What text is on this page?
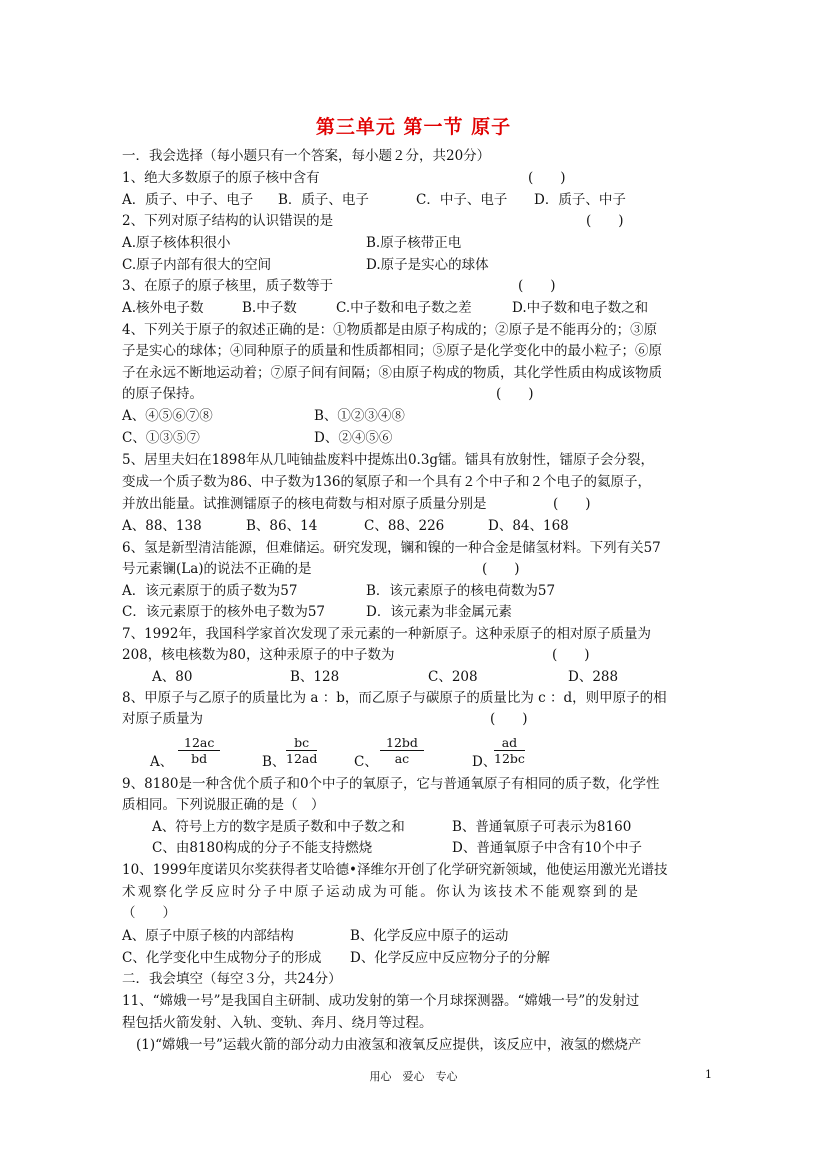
第三单元 第一节 原子
一．我会选择（每小题只有一个答案，每小题２分，共20分）
1、绝大多数原子的原子核中含有	(　　)
A．质子、中子、电子 B．质子、电子	C．中子、电子 D．质子、中子
2、下列对原子结构的认识错误的是	(　　)
A.原子核体积很小	B.原子核带正电
C.原子内部有很大的空间	D.原子是实心的球体
3、在原子的原子核里，质子数等于	(　　)
A.核外电子数	B.中子数	C.中子数和电子数之差	D.中子数和电子数之和
4、下列关于原子的叙述正确的是：①物质都是由原子构成的；②原子是不能再分的；③原
子是实心的球体；④同种原子的质量和性质都相同；⑤原子是化学变化中的最小粒子；⑥原
子在永远不断地运动着；⑦原子间有间隔；⑧由原子构成的物质，其化学性质由构成该物质
的原子保持。	(　　)
A、④⑤⑥⑦⑧	B、①②③④⑧
C、①③⑤⑦	D、②④⑤⑥
5、居里夫妇在1898年从几吨铀盐废料中提炼出0.3g镭。镭具有放射性，镭原子会分裂，
变成一个质子数为86、中子数为136的氡原子和一个具有２个中子和２个电子的氦原子，
并放出能量。试推测镭原子的核电荷数与相对原子质量分别是	(　　)
A、88、138	B、86、14	C、88、226	D、84、168
6、氢是新型清洁能源，但难储运。研究发现，镧和镍的一种合金是储氢材料。下列有关57
号元素镧(La)的说法不正确的是	(　　)
A．该元素原于的质子数为57	B．该元素原子的核电荷数为57
C．该元素原于的核外电子数为57	D．该元素为非金属元素
7、1992年，我国科学家首次发现了汞元素的一种新原子。这种汞原子的相对原子质量为
208，核电核数为80，这种汞原子的中子数为	(　　)
A、80	B、128	C、208	D、288
8、甲原子与乙原子的质量比为 a ：b，而乙原子与碳原子的质量比为 c ：d，则甲原子的相
对原子质量为	(　　)
$\frac{12ac}{bd}$
A、	$\frac{bc}{12ad}$
B、	$\frac{12bd}{ac}$
C、	$\frac{ad}{12bc}$
D、
9、8180是一种含优个质子和0个中子的氧原子，它与普通氧原子有相同的质子数，化学性
质相同。下列说服正确的是（　）
A、符号上方的数字是质子数和中子数之和	B、普通氧原子可表示为8160
C、由8180构成的分子不能支持燃烧	D、普通氧原子中含有10个中子
10、1999年度诺贝尔奖获得者艾哈德•泽维尔开创了化学研究新领域，他使运用激光光谱技
术观察化学反应时分子中原子运动成为可能。你认为该技术不能观察到的是
（　　）
A、原子中原子核的内部结构	B、化学反应中原子的运动
C、化学变化中生成物分子的形成 D、化学反应中反应物分子的分解
二．我会填空（每空３分，共24分）
11、“嫦娥一号”是我国自主研制、成功发射的第一个月球探测器。“嫦娥一号”的发射过
程包括火箭发射、入轨、变轨、奔月、绕月等过程。
(1)“嫦娥一号”运载火箭的部分动力由液氢和液氧反应提供，该反应中，液氢的燃烧产
用心　爱心　专心	1
